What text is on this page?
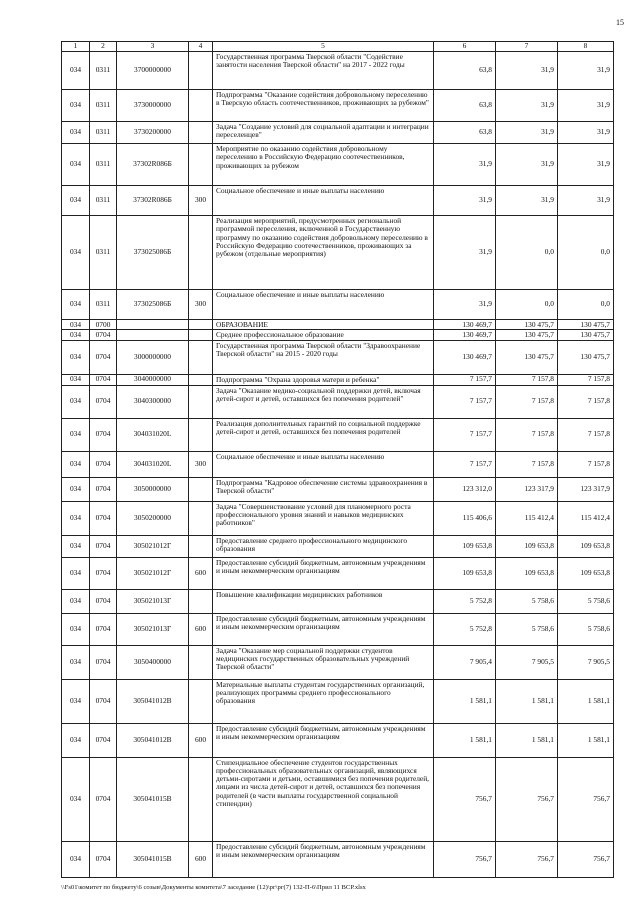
15
1	2	3	4	5	6	7	8
034	0311	3700000000		Государственная программа Тверской области "Содействие занятости населения Тверской области" на 2017 - 2022 годы	63,8	31,9	31,9
034	0311	3730000000		Подпрограмма "Оказание содействия добровольному переселению в Тверскую область соотечественников, проживающих за рубежом"	63,8	31,9	31,9
034	0311	3730200000		Задача "Создание условий для социальной адаптации и интеграции переселенцев"	63,8	31,9	31,9
034	0311	37302R086Б		Мероприятие по оказанию содействия добровольному переселению в Российскую Федерацию соотечественников, проживающих за рубежом	31,9	31,9	31,9
034	0311	37302R086Б	300	Социальное обеспечение и иные выплаты населению	31,9	31,9	31,9
034	0311	373025086Б		Реализация мероприятий, предусмотренных региональной программой переселения, включенной в Государственную программу по оказанию содействия добровольному переселению в Российскую Федерацию соотечественников, проживающих за рубежом (отдельные мероприятия)	31,9	0,0	0,0
034	0311	373025086Б	300	Социальное обеспечение и иные выплаты населению	31,9	0,0	0,0
034	0700			ОБРАЗОВАНИЕ	130 469,7	130 475,7	130 475,7
034	0704			Среднее профессиональное образование	130 469,7	130 475,7	130 475,7
034	0704	3000000000		Государственная программа Тверской области "Здравоохранение Тверской области" на 2015 - 2020 годы	130 469,7	130 475,7	130 475,7
034	0704	3040000000		Подпрограмма "Охрана здоровья матери и ребенка"	7 157,7	7 157,8	7 157,8
034	0704	3040300000		Задача "Оказание медико-социальной поддержки детей, включая детей-сирот и детей, оставшихся без попечения родителей"	7 157,7	7 157,8	7 157,8
034	0704	304031020L		Реализация дополнительных гарантий по социальной поддержке детей-сирот и детей, оставшихся без попечения родителей	7 157,7	7 157,8	7 157,8
034	0704	304031020L	300	Социальное обеспечение и иные выплаты населению	7 157,7	7 157,8	7 157,8
034	0704	3050000000		Подпрограмма "Кадровое обеспечение системы здравоохранения в Тверской области"	123 312,0	123 317,9	123 317,9
034	0704	3050200000		Задача "Совершенствование условий для планомерного роста профессионального уровня знаний и навыков медицинских работников"	115 406,6	115 412,4	115 412,4
034	0704	305021012Г		Предоставление среднего профессионального медицинского образования	109 653,8	109 653,8	109 653,8
034	0704	305021012Г	600	Предоставление субсидий бюджетным, автономным учреждениям и иным некоммерческим организациям	109 653,8	109 653,8	109 653,8
034	0704	305021013Г		Повышение квалификации медицинских работников	5 752,8	5 758,6	5 758,6
034	0704	305021013Г	600	Предоставление субсидий бюджетным, автономным учреждениям и иным некоммерческим организациям	5 752,8	5 758,6	5 758,6
034	0704	3050400000		Задача "Оказание мер социальной поддержки студентов медицинских государственных образовательных учреждений Тверской области"	7 905,4	7 905,5	7 905,5
034	0704	305041012В		Материальные выплаты студентам государственных организаций, реализующих программы среднего профессионального образования	1 581,1	1 581,1	1 581,1
034	0704	305041012В	600	Предоставление субсидий бюджетным, автономным учреждениям и иным некоммерческим организациям	1 581,1	1 581,1	1 581,1
034	0704	305041015В		Стипендиальное обеспечение студентов государственных профессиональных образовательных организаций, являющихся детьми-сиротами и детьми, оставшимися без попечения родителей, лицами из числа детей-сирот и детей, оставшихся без попечения родителей (в части выплаты государственной социальной стипендии)	756,7	756,7	756,7
034	0704	305041015В	600	Предоставление субсидий бюджетным, автономным учреждениям и иным некоммерческим организациям	756,7	756,7	756,7
\\Fs01\комитет по бюджету\6 созыв\Документы комитета\7 заседание (12)\рг\рг(7) 132-П-6\Прил 11 ВСР.xlsx
